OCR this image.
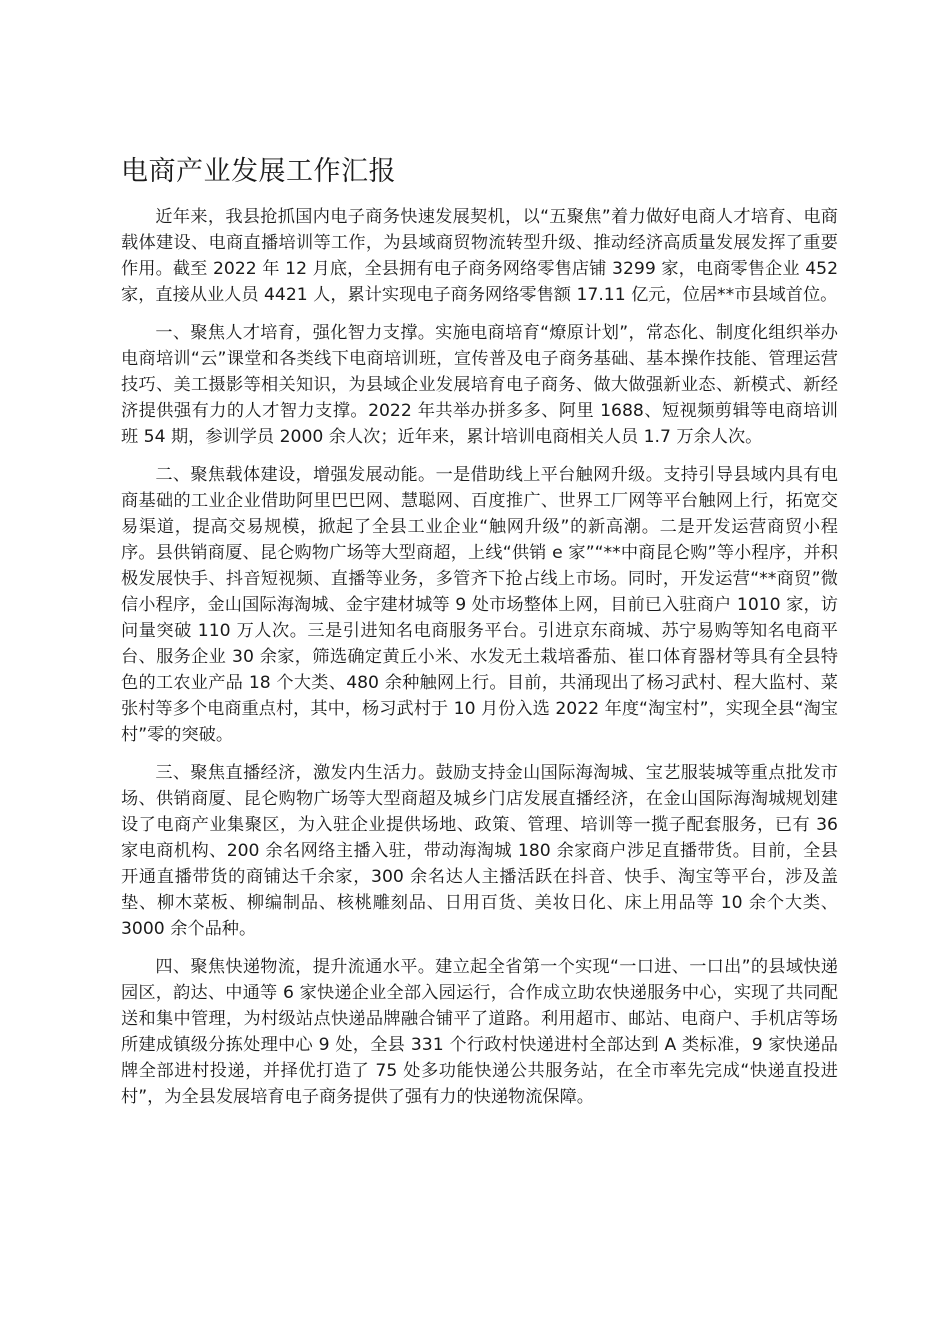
电商产业发展工作汇报

近年来，我县抢抓国内电子商务快速发展契机，以“五聚焦”着力做好电商人才培育、电商载体建设、电商直播培训等工作，为县域商贸物流转型升级、推动经济高质量发展发挥了重要作用。截至 2022 年 12 月底，全县拥有电子商务网络零售店铺 3299 家，电商零售企业 452 家，直接从业人员 4421 人，累计实现电子商务网络零售额 17.11 亿元，位居**市县域首位。

一、聚焦人才培育，强化智力支撑。实施电商培育“燎原计划”，常态化、制度化组织举办电商培训“云”课堂和各类线下电商培训班，宣传普及电子商务基础、基本操作技能、管理运营技巧、美工摄影等相关知识，为县域企业发展培育电子商务、做大做强新业态、新模式、新经济提供强有力的人才智力支撑。2022 年共举办拼多多、阿里 1688、短视频剪辑等电商培训班 54 期，参训学员 2000 余人次；近年来，累计培训电商相关人员 1.7 万余人次。

二、聚焦载体建设，增强发展动能。一是借助线上平台触网升级。支持引导县域内具有电商基础的工业企业借助阿里巴巴网、慧聪网、百度推广、世界工厂网等平台触网上行，拓宽交易渠道，提高交易规模，掀起了全县工业企业“触网升级”的新高潮。二是开发运营商贸小程序。县供销商厦、昆仑购物广场等大型商超，上线“供销 e 家”“**中商昆仑购”等小程序，并积极发展快手、抖音短视频、直播等业务，多管齐下抢占线上市场。同时，开发运营“**商贸”微信小程序，金山国际海淘城、金宇建材城等 9 处市场整体上网，目前已入驻商户 1010 家，访问量突破 110 万人次。三是引进知名电商服务平台。引进京东商城、苏宁易购等知名电商平台、服务企业 30 余家，筛选确定黄丘小米、水发无土栽培番茄、崔口体育器材等具有全县特色的工农业产品 18 个大类、480 余种触网上行。目前，共涌现出了杨习武村、程大监村、菜张村等多个电商重点村，其中，杨习武村于 10 月份入选 2022 年度“淘宝村”，实现全县“淘宝村”零的突破。

三、聚焦直播经济，激发内生活力。鼓励支持金山国际海淘城、宝艺服装城等重点批发市场、供销商厦、昆仑购物广场等大型商超及城乡门店发展直播经济，在金山国际海淘城规划建设了电商产业集聚区，为入驻企业提供场地、政策、管理、培训等一揽子配套服务，已有 36 家电商机构、200 余名网络主播入驻，带动海淘城 180 余家商户涉足直播带货。目前，全县开通直播带货的商铺达千余家，300 余名达人主播活跃在抖音、快手、淘宝等平台，涉及盖垫、柳木菜板、柳编制品、核桃雕刻品、日用百货、美妆日化、床上用品等 10 余个大类、3000 余个品种。

四、聚焦快递物流，提升流通水平。建立起全省第一个实现“一口进、一口出”的县域快递园区，韵达、中通等 6 家快递企业全部入园运行，合作成立助农快递服务中心，实现了共同配送和集中管理，为村级站点快递品牌融合铺平了道路。利用超市、邮站、电商户、手机店等场所建成镇级分拣处理中心 9 处，全县 331 个行政村快递进村全部达到 A 类标准，9 家快递品牌全部进村投递，并择优打造了 75 处多功能快递公共服务站，在全市率先完成“快递直投进村”，为全县发展培育电子商务提供了强有力的快递物流保障。
